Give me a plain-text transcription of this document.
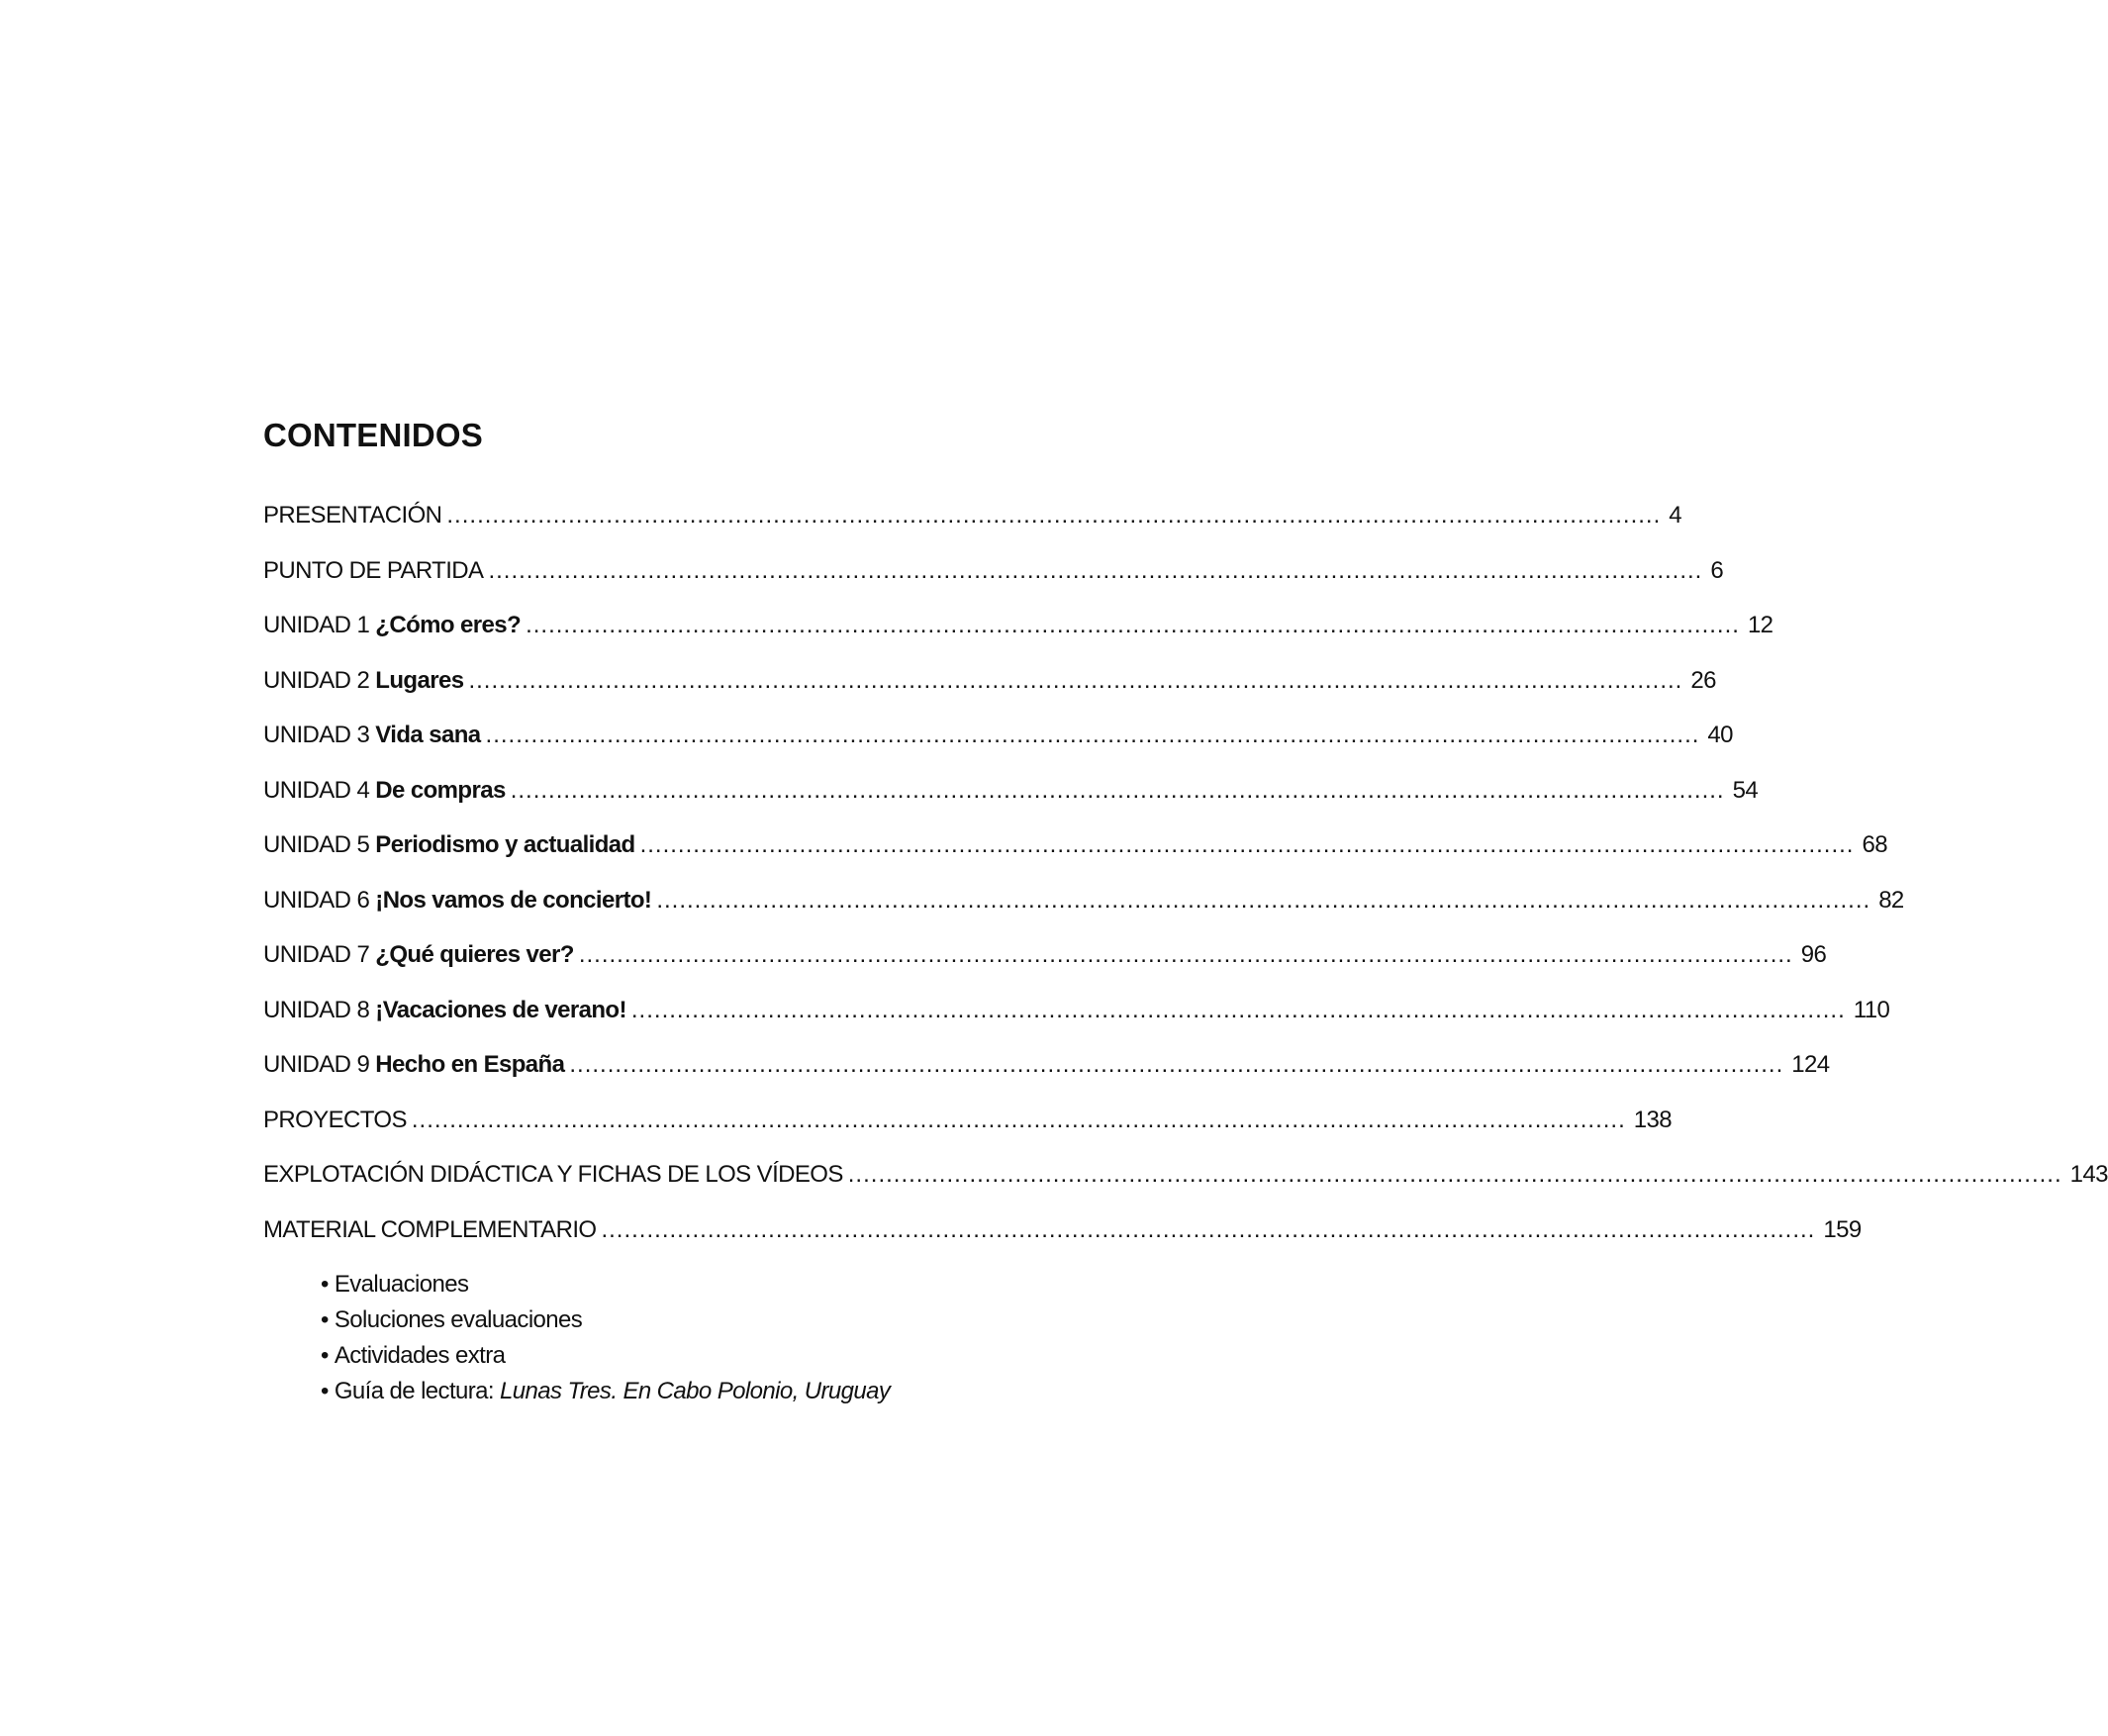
CONTENIDOS
PRESENTACIÓN ................................................................................................................................................................ 4
PUNTO DE PARTIDA ................................................................................................................................................................ 6
UNIDAD 1 ¿Cómo eres? ................................................................................................................................................................ 12
UNIDAD 2 Lugares ................................................................................................................................................................ 26
UNIDAD 3 Vida sana ................................................................................................................................................................ 40
UNIDAD 4 De compras ................................................................................................................................................................ 54
UNIDAD 5 Periodismo y actualidad ................................................................................................................................................................ 68
UNIDAD 6 ¡Nos vamos de concierto! ................................................................................................................................................................ 82
UNIDAD 7 ¿Qué quieres ver? ................................................................................................................................................................ 96
UNIDAD 8 ¡Vacaciones de verano! ................................................................................................................................................................ 110
UNIDAD 9 Hecho en España ................................................................................................................................................................ 124
PROYECTOS ................................................................................................................................................................ 138
EXPLOTACIÓN DIDÁCTICA Y FICHAS DE LOS VÍDEOS ................................................................................................................................................................ 143
MATERIAL COMPLEMENTARIO ................................................................................................................................................................ 159
• Evaluaciones
• Soluciones evaluaciones
• Actividades extra
• Guía de lectura: Lunas Tres. En Cabo Polonio, Uruguay
